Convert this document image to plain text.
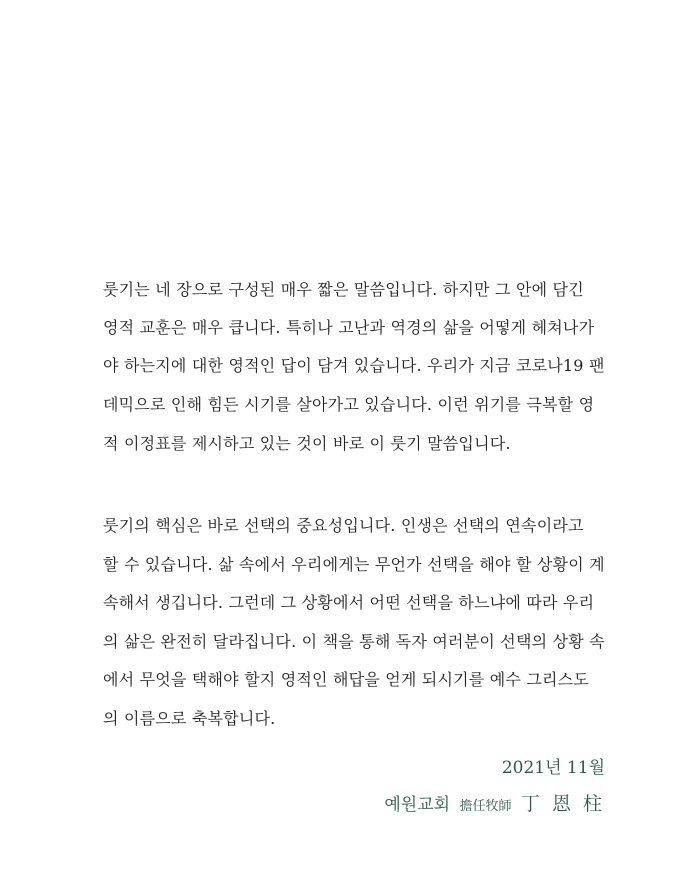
룻기는 네 장으로 구성된 매우 짧은 말씀입니다. 하지만 그 안에 담긴
영적 교훈은 매우 큽니다. 특히나 고난과 역경의 삶을 어떻게 헤쳐나가
야 하는지에 대한 영적인 답이 담겨 있습니다. 우리가 지금 코로나19 팬
데믹으로 인해 힘든 시기를 살아가고 있습니다. 이런 위기를 극복할 영
적 이정표를 제시하고 있는 것이 바로 이 룻기 말씀입니다.
룻기의 핵심은 바로 선택의 중요성입니다. 인생은 선택의 연속이라고
할 수 있습니다. 삶 속에서 우리에게는 무언가 선택을 해야 할 상황이 계
속해서 생깁니다. 그런데 그 상황에서 어떤 선택을 하느냐에 따라 우리
의 삶은 완전히 달라집니다. 이 책을 통해 독자 여러분이 선택의 상황 속
에서 무엇을 택해야 할지 영적인 해답을 얻게 되시기를 예수 그리스도
의 이름으로 축복합니다.
2021년 11월
예원교회 擔任牧師 丁 恩 柱
